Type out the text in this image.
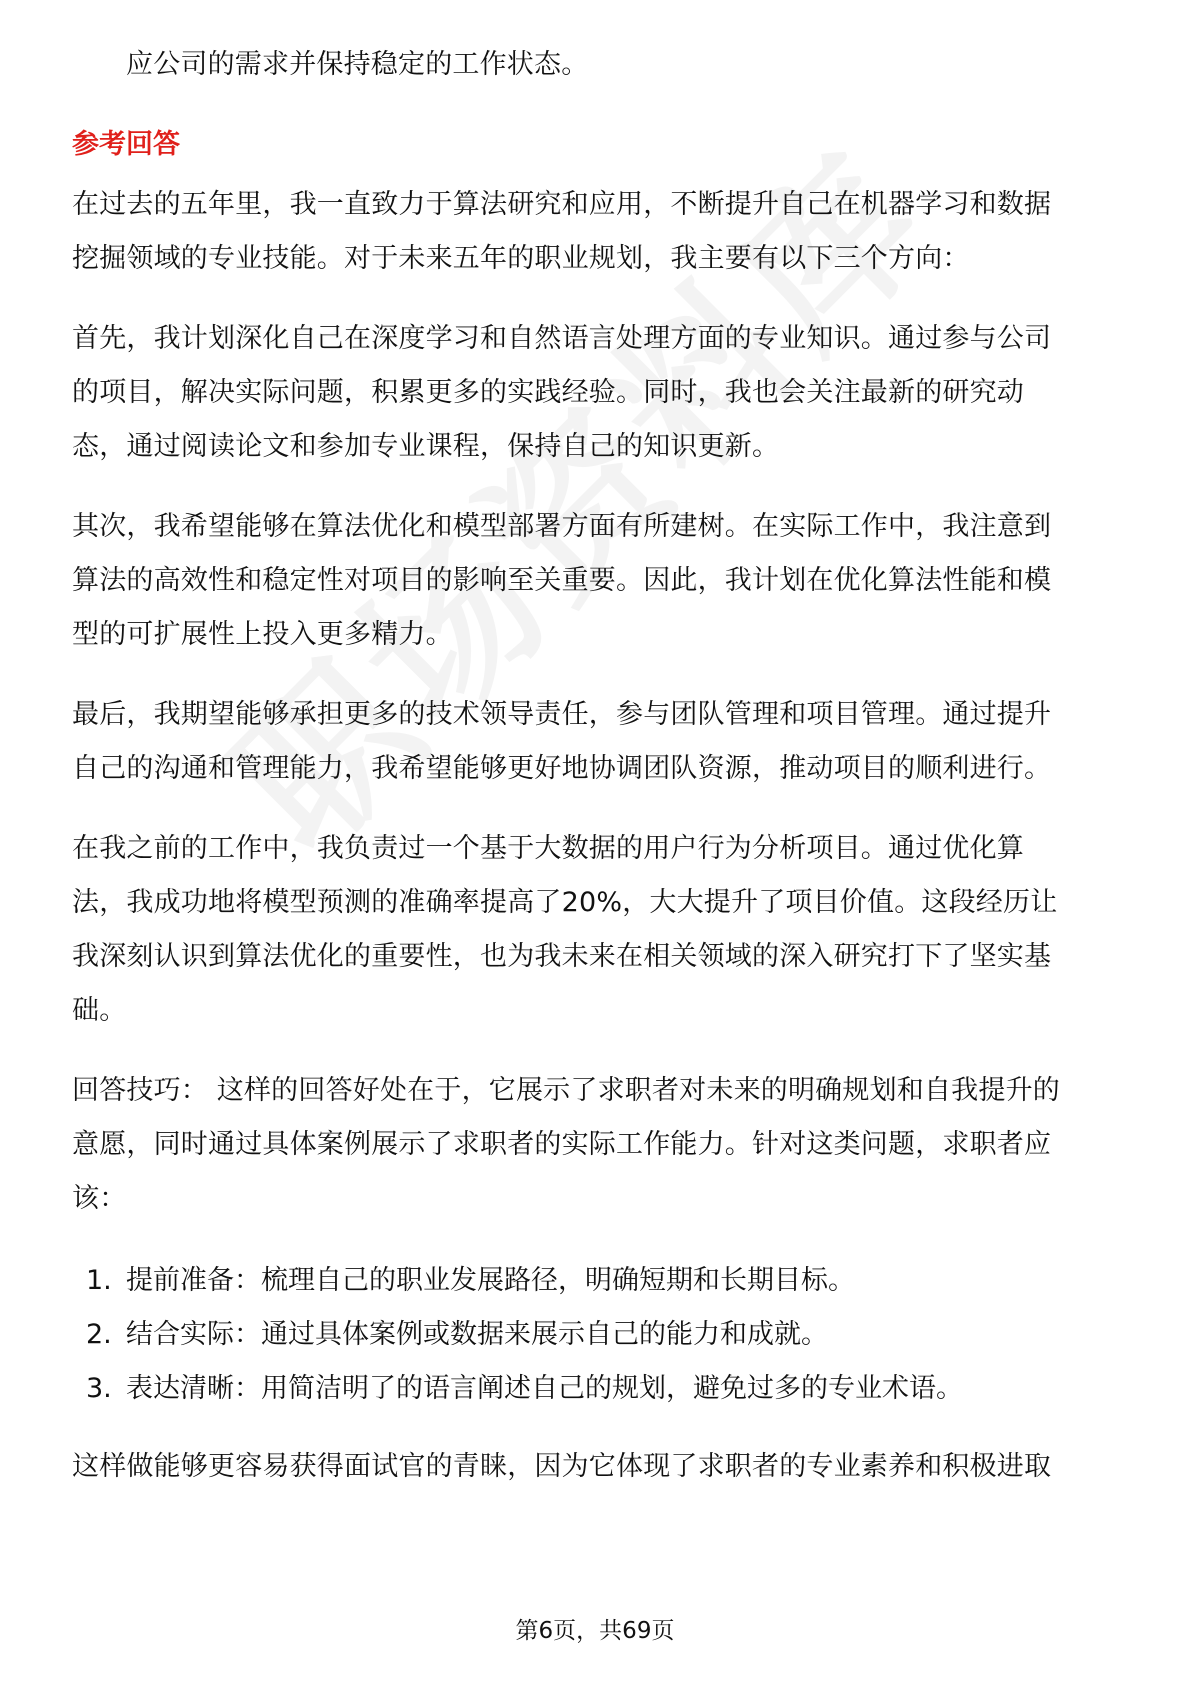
应公司的需求并保持稳定的工作状态。
参考回答
在过去的五年里，我一直致力于算法研究和应用，不断提升自己在机器学习和数据
挖掘领域的专业技能。对于未来五年的职业规划，我主要有以下三个方向：
首先，我计划深化自己在深度学习和自然语言处理方面的专业知识。通过参与公司
的项目，解决实际问题，积累更多的实践经验。同时，我也会关注最新的研究动
态，通过阅读论文和参加专业课程，保持自己的知识更新。
其次，我希望能够在算法优化和模型部署方面有所建树。在实际工作中，我注意到
算法的高效性和稳定性对项目的影响至关重要。因此，我计划在优化算法性能和模
型的可扩展性上投入更多精力。
最后，我期望能够承担更多的技术领导责任，参与团队管理和项目管理。通过提升
自己的沟通和管理能力，我希望能够更好地协调团队资源，推动项目的顺利进行。
在我之前的工作中，我负责过一个基于大数据的用户行为分析项目。通过优化算
法，我成功地将模型预测的准确率提高了20%，大大提升了项目价值。这段经历让
我深刻认识到算法优化的重要性，也为我未来在相关领域的深入研究打下了坚实基
础。
回答技巧： 这样的回答好处在于，它展示了求职者对未来的明确规划和自我提升的
意愿，同时通过具体案例展示了求职者的实际工作能力。针对这类问题，求职者应
该：
1. 提前准备：梳理自己的职业发展路径，明确短期和长期目标。
2. 结合实际：通过具体案例或数据来展示自己的能力和成就。
3. 表达清晰：用简洁明了的语言阐述自己的规划，避免过多的专业术语。
这样做能够更容易获得面试官的青睐，因为它体现了求职者的专业素养和积极进取
第6页，共69页
